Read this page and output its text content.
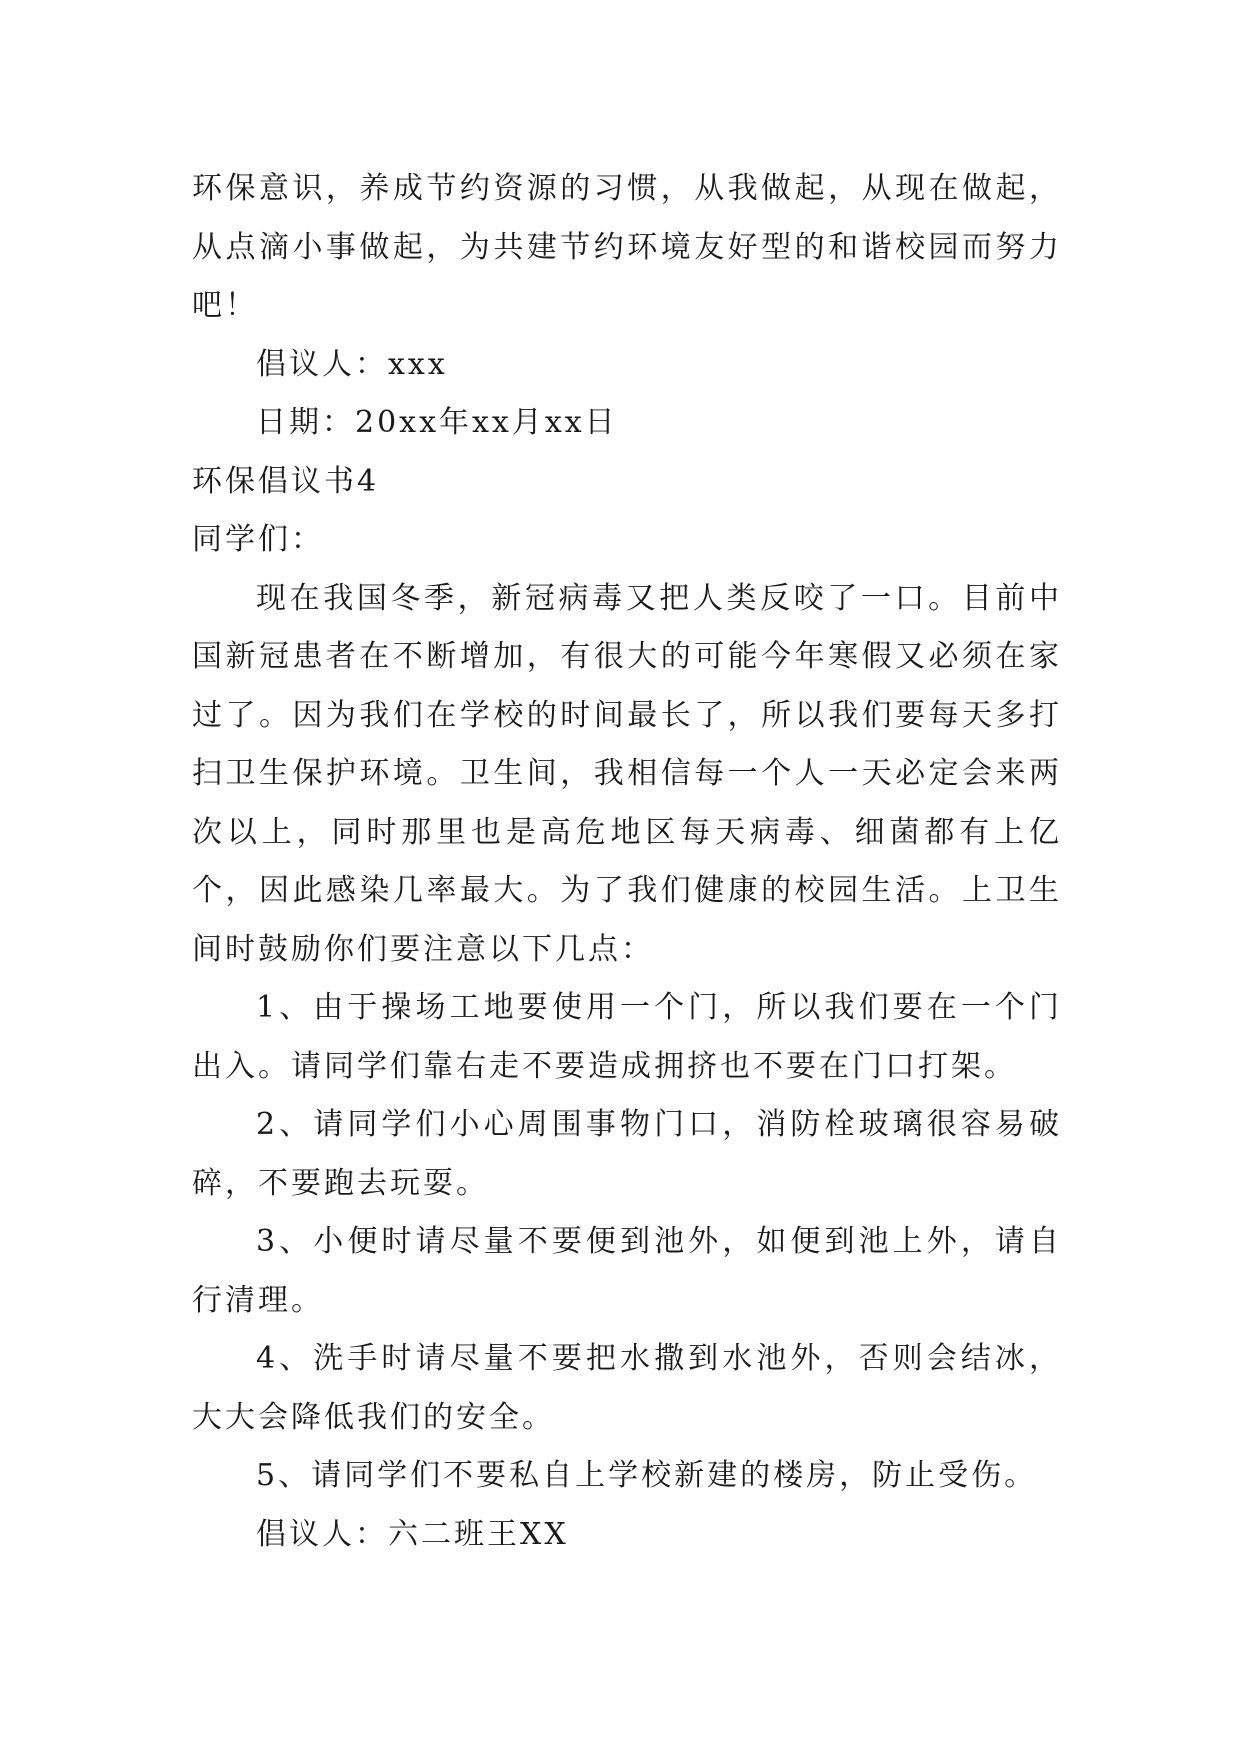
环保意识，养成节约资源的习惯，从我做起，从现在做起，从点滴小事做起，为共建节约环境友好型的和谐校园而努力吧！

倡议人：xxx

日期：20xx年xx月xx日

环保倡议书4

同学们：

现在我国冬季，新冠病毒又把人类反咬了一口。目前中国新冠患者在不断增加，有很大的可能今年寒假又必须在家过了。因为我们在学校的时间最长了，所以我们要每天多打扫卫生保护环境。卫生间，我相信每一个人一天必定会来两次以上，同时那里也是高危地区每天病毒、细菌都有上亿个，因此感染几率最大。为了我们健康的校园生活。上卫生间时鼓励你们要注意以下几点：

1、由于操场工地要使用一个门，所以我们要在一个门出入。请同学们靠右走不要造成拥挤也不要在门口打架。

2、请同学们小心周围事物门口，消防栓玻璃很容易破碎，不要跑去玩耍。

3、小便时请尽量不要便到池外，如便到池上外，请自行清理。

4、洗手时请尽量不要把水撒到水池外，否则会结冰，大大会降低我们的安全。

5、请同学们不要私自上学校新建的楼房，防止受伤。

倡议人：六二班王XX
